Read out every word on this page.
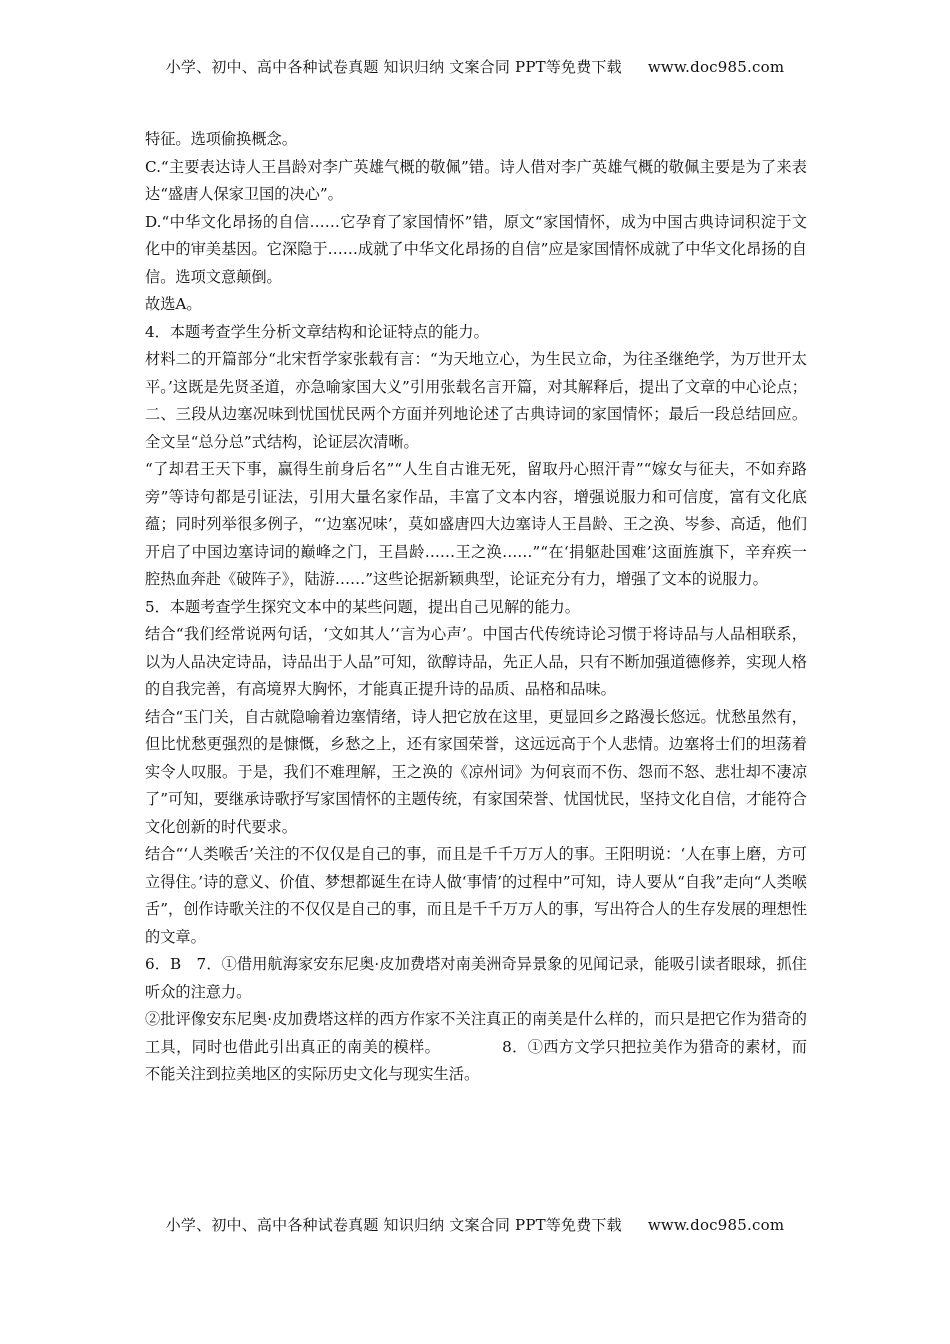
小学、初中、高中各种试卷真题 知识归纳 文案合同 PPT等免费下载 www.doc985.com

特征。选项偷换概念。

C.“主要表达诗人王昌龄对李广英雄气概的敬佩”错。诗人借对李广英雄气概的敬佩主要是为了来表达“盛唐人保家卫国的决心”。

D.“中华文化昂扬的自信……它孕育了家国情怀”错，原文“家国情怀，成为中国古典诗词积淀于文化中的审美基因。它深隐于……成就了中华文化昂扬的自信”应是家国情怀成就了中华文化昂扬的自信。选项文意颠倒。

故选A。

4．本题考查学生分析文章结构和论证特点的能力。

材料二的开篇部分“北宋哲学家张载有言：“为天地立心，为生民立命，为往圣继绝学，为万世开太平。’这既是先贤圣道，亦急喻家国大义”引用张载名言开篇，对其解释后，提出了文章的中心论点；二、三段从边塞况味到忧国忧民两个方面并列地论述了古典诗词的家国情怀；最后一段总结回应。全文呈“总分总”式结构，论证层次清晰。

“了却君王天下事，赢得生前身后名”“人生自古谁无死，留取丹心照汗青”“嫁女与征夫，不如弃路旁”等诗句都是引证法，引用大量名家作品，丰富了文本内容，增强说服力和可信度，富有文化底蕴；同时列举很多例子，“‘边塞况味’，莫如盛唐四大边塞诗人王昌龄、王之涣、岑参、高适，他们开启了中国边塞诗词的巅峰之门，王昌龄……王之涣……”“在‘捐躯赴国难’这面旌旗下，辛弃疾一腔热血奔赴《破阵子》，陆游……”这些论据新颖典型，论证充分有力，增强了文本的说服力。

5．本题考查学生探究文本中的某些问题，提出自己见解的能力。

结合“我们经常说两句话，‘文如其人’‘言为心声’。中国古代传统诗论习惯于将诗品与人品相联系，以为人品决定诗品，诗品出于人品”可知，欲醇诗品，先正人品，只有不断加强道德修养，实现人格的自我完善，有高境界大胸怀，才能真正提升诗的品质、品格和品味。

结合“玉门关，自古就隐喻着边塞情绪，诗人把它放在这里，更显回乡之路漫长悠远。忧愁虽然有，但比忧愁更强烈的是慷慨，乡愁之上，还有家国荣誉，这远远高于个人悲情。边塞将士们的坦荡着实令人叹服。于是，我们不难理解，王之涣的《凉州词》为何哀而不伤、怨而不怒、悲壮却不凄凉了”可知，要继承诗歌抒写家国情怀的主题传统，有家国荣誉、忧国忧民，坚持文化自信，才能符合文化创新的时代要求。

结合“‘人类喉舌’关注的不仅仅是自己的事，而且是千千万万人的事。王阳明说：‘人在事上磨，方可立得住。’诗的意义、价值、梦想都诞生在诗人做‘事情’的过程中”可知，诗人要从“自我”走向“人类喉舌”，创作诗歌关注的不仅仅是自己的事，而且是千千万万人的事，写出符合人的生存发展的理想性的文章。

6．B　7．①借用航海家安东尼奥·皮加费塔对南美洲奇异景象的见闻记录，能吸引读者眼球，抓住听众的注意力。

②批评像安东尼奥·皮加费塔这样的西方作家不关注真正的南美是什么样的，而只是把它作为猎奇的工具，同时也借此引出真正的南美的模样。	8．①西方文学只把拉美作为猎奇的素材，而不能关注到拉美地区的实际历史文化与现实生活。

小学、初中、高中各种试卷真题 知识归纳 文案合同 PPT等免费下载 www.doc985.com
